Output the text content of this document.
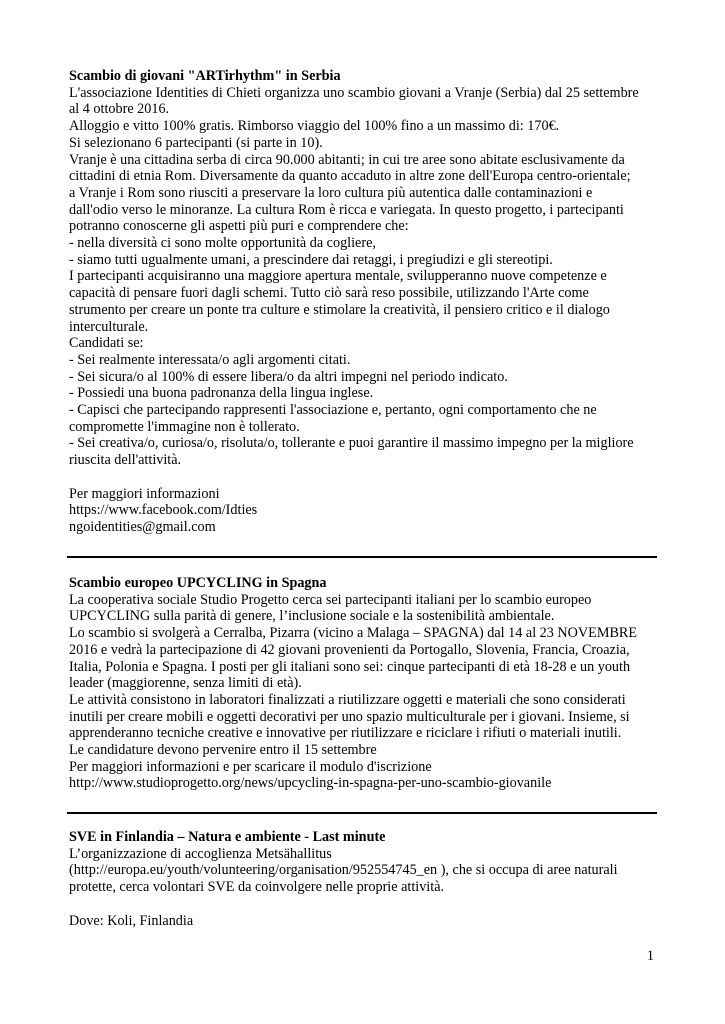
Scambio di giovani "ARTirhythm" in Serbia

L'associazione Identities di Chieti organizza uno scambio giovani a Vranje (Serbia) dal 25 settembre

al 4 ottobre 2016.

Alloggio e vitto 100% gratis. Rimborso viaggio del 100% fino a un massimo di: 170€.

Si selezionano 6 partecipanti (si parte in 10).

Vranje è una cittadina serba di circa 90.000 abitanti; in cui tre aree sono abitate esclusivamente da

cittadini di etnia Rom. Diversamente da quanto accaduto in altre zone dell'Europa centro-orientale;

a Vranje i Rom sono riusciti a preservare la loro cultura più autentica dalle contaminazioni e

dall'odio verso le minoranze. La cultura Rom è ricca e variegata. In questo progetto, i partecipanti

potranno conoscerne gli aspetti più puri e comprendere che:

- nella diversità ci sono molte opportunità da cogliere,

- siamo tutti ugualmente umani, a prescindere dai retaggi, i pregiudizi e gli stereotipi.

I partecipanti acquisiranno una maggiore apertura mentale, svilupperanno nuove competenze e

capacità di pensare fuori dagli schemi. Tutto ciò sarà reso possibile, utilizzando l'Arte come

strumento per creare un ponte tra culture e stimolare la creatività, il pensiero critico e il dialogo

interculturale.

Candidati se:

- Sei realmente interessata/o agli argomenti citati.

- Sei sicura/o al 100% di essere libera/o da altri impegni nel periodo indicato.

- Possiedi una buona padronanza della lingua inglese.

- Capisci che partecipando rappresenti l'associazione e, pertanto, ogni comportamento che ne

compromette l'immagine non è tollerato.

- Sei creativa/o, curiosa/o, risoluta/o, tollerante e puoi garantire il massimo impegno per la migliore

riuscita dell'attività.

Per maggiori informazioni

https://www.facebook.com/Idties

ngoidentities@gmail.com

Scambio europeo UPCYCLING in Spagna

La cooperativa sociale Studio Progetto cerca sei partecipanti italiani per lo scambio europeo

UPCYCLING sulla parità di genere, l’inclusione sociale e la sostenibilità ambientale.

Lo scambio si svolgerà a Cerralba, Pizarra (vicino a Malaga – SPAGNA) dal 14 al 23 NOVEMBRE

2016 e vedrà la partecipazione di 42 giovani provenienti da Portogallo, Slovenia, Francia, Croazia,

Italia, Polonia e Spagna. I posti per gli italiani sono sei: cinque partecipanti di età 18-28 e un youth

leader (maggiorenne, senza limiti di età).

Le attività consistono in laboratori finalizzati a riutilizzare oggetti e materiali che sono considerati

inutili per creare mobili e oggetti decorativi per uno spazio multiculturale per i giovani. Insieme, si

apprenderanno tecniche creative e innovative per riutilizzare e riciclare i rifiuti o materiali inutili.

Le candidature devono pervenire entro il 15 settembre

Per maggiori informazioni e per scaricare il modulo d'iscrizione

http://www.studioprogetto.org/news/upcycling-in-spagna-per-uno-scambio-giovanile

SVE in Finlandia – Natura e ambiente - Last minute

L’organizzazione di accoglienza Metsähallitus

(http://europa.eu/youth/volunteering/organisation/952554745_en ), che si occupa di aree naturali

protette, cerca volontari SVE da coinvolgere nelle proprie attività.

Dove: Koli, Finlandia

1
